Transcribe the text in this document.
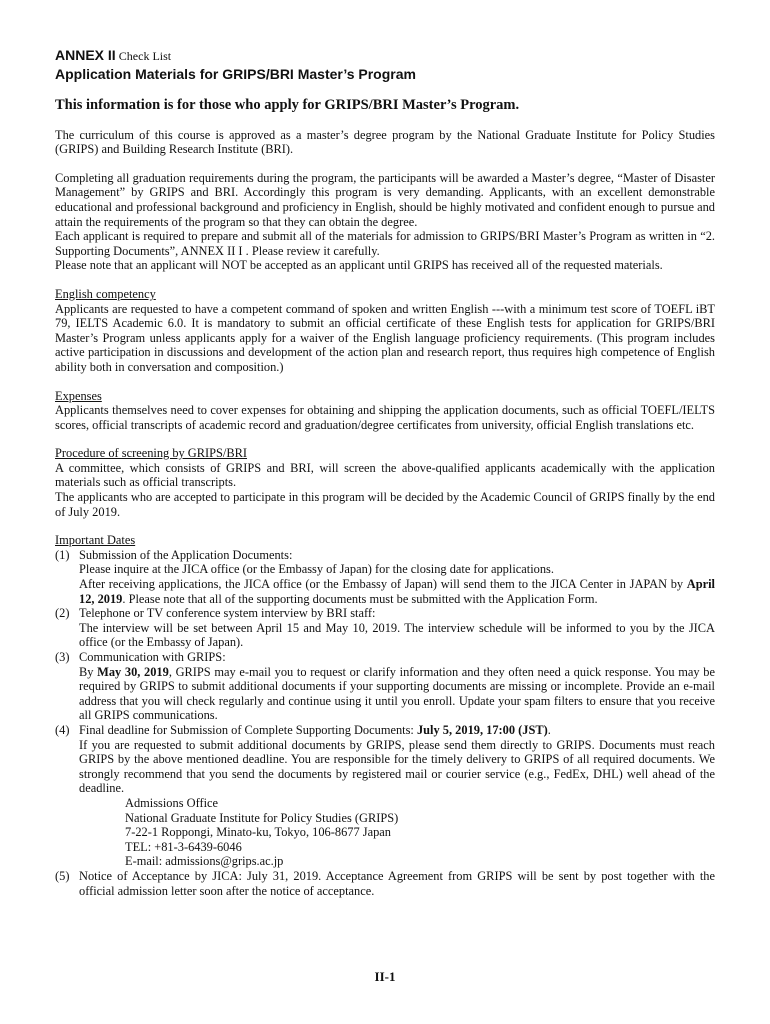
ANNEX II Check List
Application Materials for GRIPS/BRI Master’s Program
This information is for those who apply for GRIPS/BRI Master’s Program.

The curriculum of this course is approved as a master’s degree program by the National Graduate Institute for Policy Studies (GRIPS) and Building Research Institute (BRI).

Completing all graduation requirements during the program, the participants will be awarded a Master’s degree, “Master of Disaster Management” by GRIPS and BRI. Accordingly this program is very demanding. Applicants, with an excellent demonstrable educational and professional background and proficiency in English, should be highly motivated and confident enough to pursue and attain the requirements of the program so that they can obtain the degree.

Each applicant is required to prepare and submit all of the materials for admission to GRIPS/BRI Master’s Program as written in “2. Supporting Documents”, ANNEX II I . Please review it carefully.

Please note that an applicant will NOT be accepted as an applicant until GRIPS has received all of the requested materials.

English competency

Applicants are requested to have a competent command of spoken and written English ---with a minimum test score of TOEFL iBT 79, IELTS Academic 6.0. It is mandatory to submit an official certificate of these English tests for application for GRIPS/BRI Master’s Program unless applicants apply for a waiver of the English language proficiency requirements. (This program includes active participation in discussions and development of the action plan and research report, thus requires high competence of English ability both in conversation and composition.)

Expenses

Applicants themselves need to cover expenses for obtaining and shipping the application documents, such as official TOEFL/IELTS scores, official transcripts of academic record and graduation/degree certificates from university, official English translations etc.

Procedure of screening by GRIPS/BRI

A committee, which consists of GRIPS and BRI, will screen the above-qualified applicants academically with the application materials such as official transcripts.

The applicants who are accepted to participate in this program will be decided by the Academic Council of GRIPS finally by the end of July 2019.

Important Dates
(1) Submission of the Application Documents:

Please inquire at the JICA office (or the Embassy of Japan) for the closing date for applications.

After receiving applications, the JICA office (or the Embassy of Japan) will send them to the JICA Center in JAPAN by April 12, 2019. Please note that all of the supporting documents must be submitted with the Application Form.

(2) Telephone or TV conference system interview by BRI staff:

The interview will be set between April 15 and May 10, 2019. The interview schedule will be informed to you by the JICA office (or the Embassy of Japan).

(3) Communication with GRIPS:

By May 30, 2019, GRIPS may e-mail you to request or clarify information and they often need a quick response. You may be required by GRIPS to submit additional documents if your supporting documents are missing or incomplete. Provide an e-mail address that you will check regularly and continue using it until you enroll. Update your spam filters to ensure that you receive all GRIPS communications.

(4) Final deadline for Submission of Complete Supporting Documents: July 5, 2019, 17:00 (JST).

If you are requested to submit additional documents by GRIPS, please send them directly to GRIPS. Documents must reach GRIPS by the above mentioned deadline. You are responsible for the timely delivery to GRIPS of all required documents. We strongly recommend that you send the documents by registered mail or courier service (e.g., FedEx, DHL) well ahead of the deadline.

Admissions Office
National Graduate Institute for Policy Studies (GRIPS)
7-22-1 Roppongi, Minato-ku, Tokyo, 106-8677 Japan
TEL: +81-3-6439-6046
E-mail: admissions@grips.ac.jp
(5) Notice of Acceptance by JICA: July 31, 2019. Acceptance Agreement from GRIPS will be sent by post together with the official admission letter soon after the notice of acceptance.

II-1
